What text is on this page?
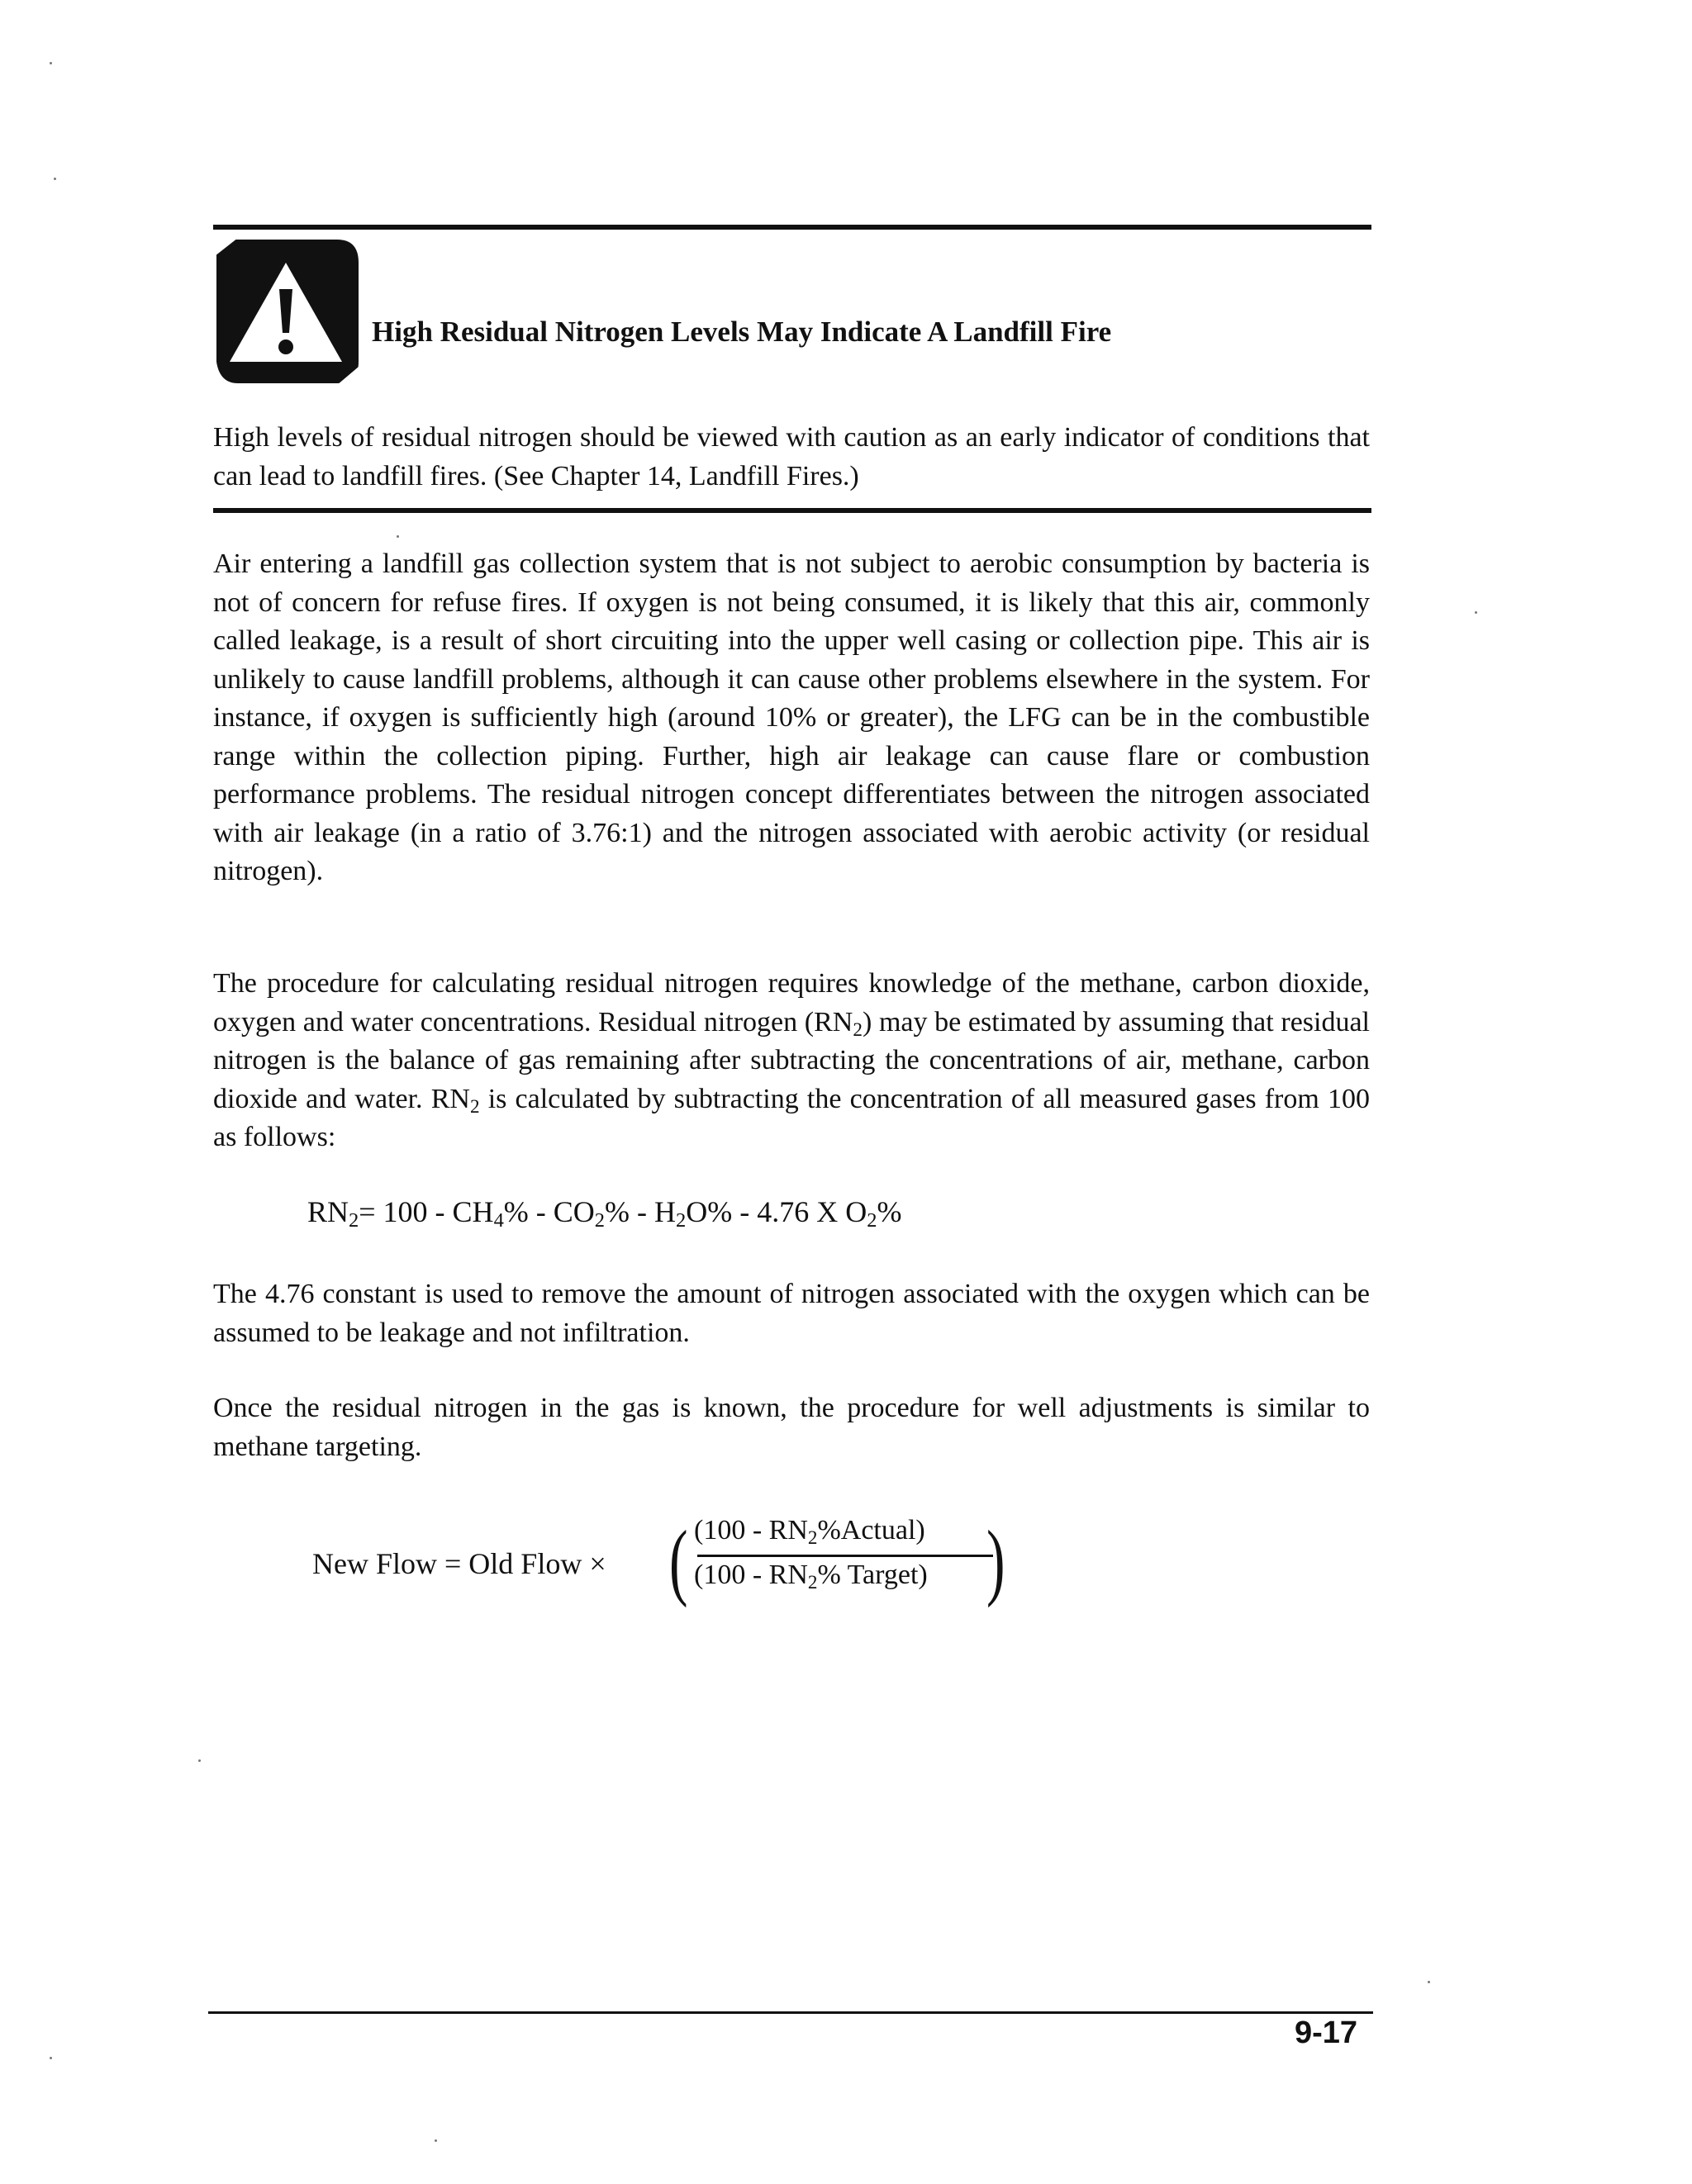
High Residual Nitrogen Levels May Indicate A Landfill Fire

High levels of residual nitrogen should be viewed with caution as an early indicator of conditions that can lead to landfill fires. (See Chapter 14, Landfill Fires.)

Air entering a landfill gas collection system that is not subject to aerobic consumption by bacteria is not of concern for refuse fires. If oxygen is not being consumed, it is likely that this air, commonly called leakage, is a result of short circuiting into the upper well casing or collection pipe. This air is unlikely to cause landfill problems, although it can cause other problems elsewhere in the system. For instance, if oxygen is sufficiently high (around 10% or greater), the LFG can be in the combustible range within the collection piping. Further, high air leakage can cause flare or combustion performance problems. The residual nitrogen concept differentiates between the nitrogen associated with air leakage (in a ratio of 3.76:1) and the nitrogen associated with aerobic activity (or residual nitrogen).

The procedure for calculating residual nitrogen requires knowledge of the methane, carbon dioxide, oxygen and water concentrations. Residual nitrogen $(RN_2)$ may be estimated by assuming that residual nitrogen is the balance of gas remaining after subtracting the concentrations of air, methane, carbon dioxide and water. $RN_2$ is calculated by subtracting the concentration of all measured gases from 100 as follows:

$RN_2= 100 - CH_4\% - CO_2\% - H_2O\% - 4.76$ X $O_2\%$

The 4.76 constant is used to remove the amount of nitrogen associated with the oxygen which can be assumed to be leakage and not infiltration.

Once the residual nitrogen in the gas is known, the procedure for well adjustments is similar to methane targeting.

New Flow = Old Flow × ( $(100 - RN_2\%Actual)$
($100 - RN_2\%$ Target) )
9-17
